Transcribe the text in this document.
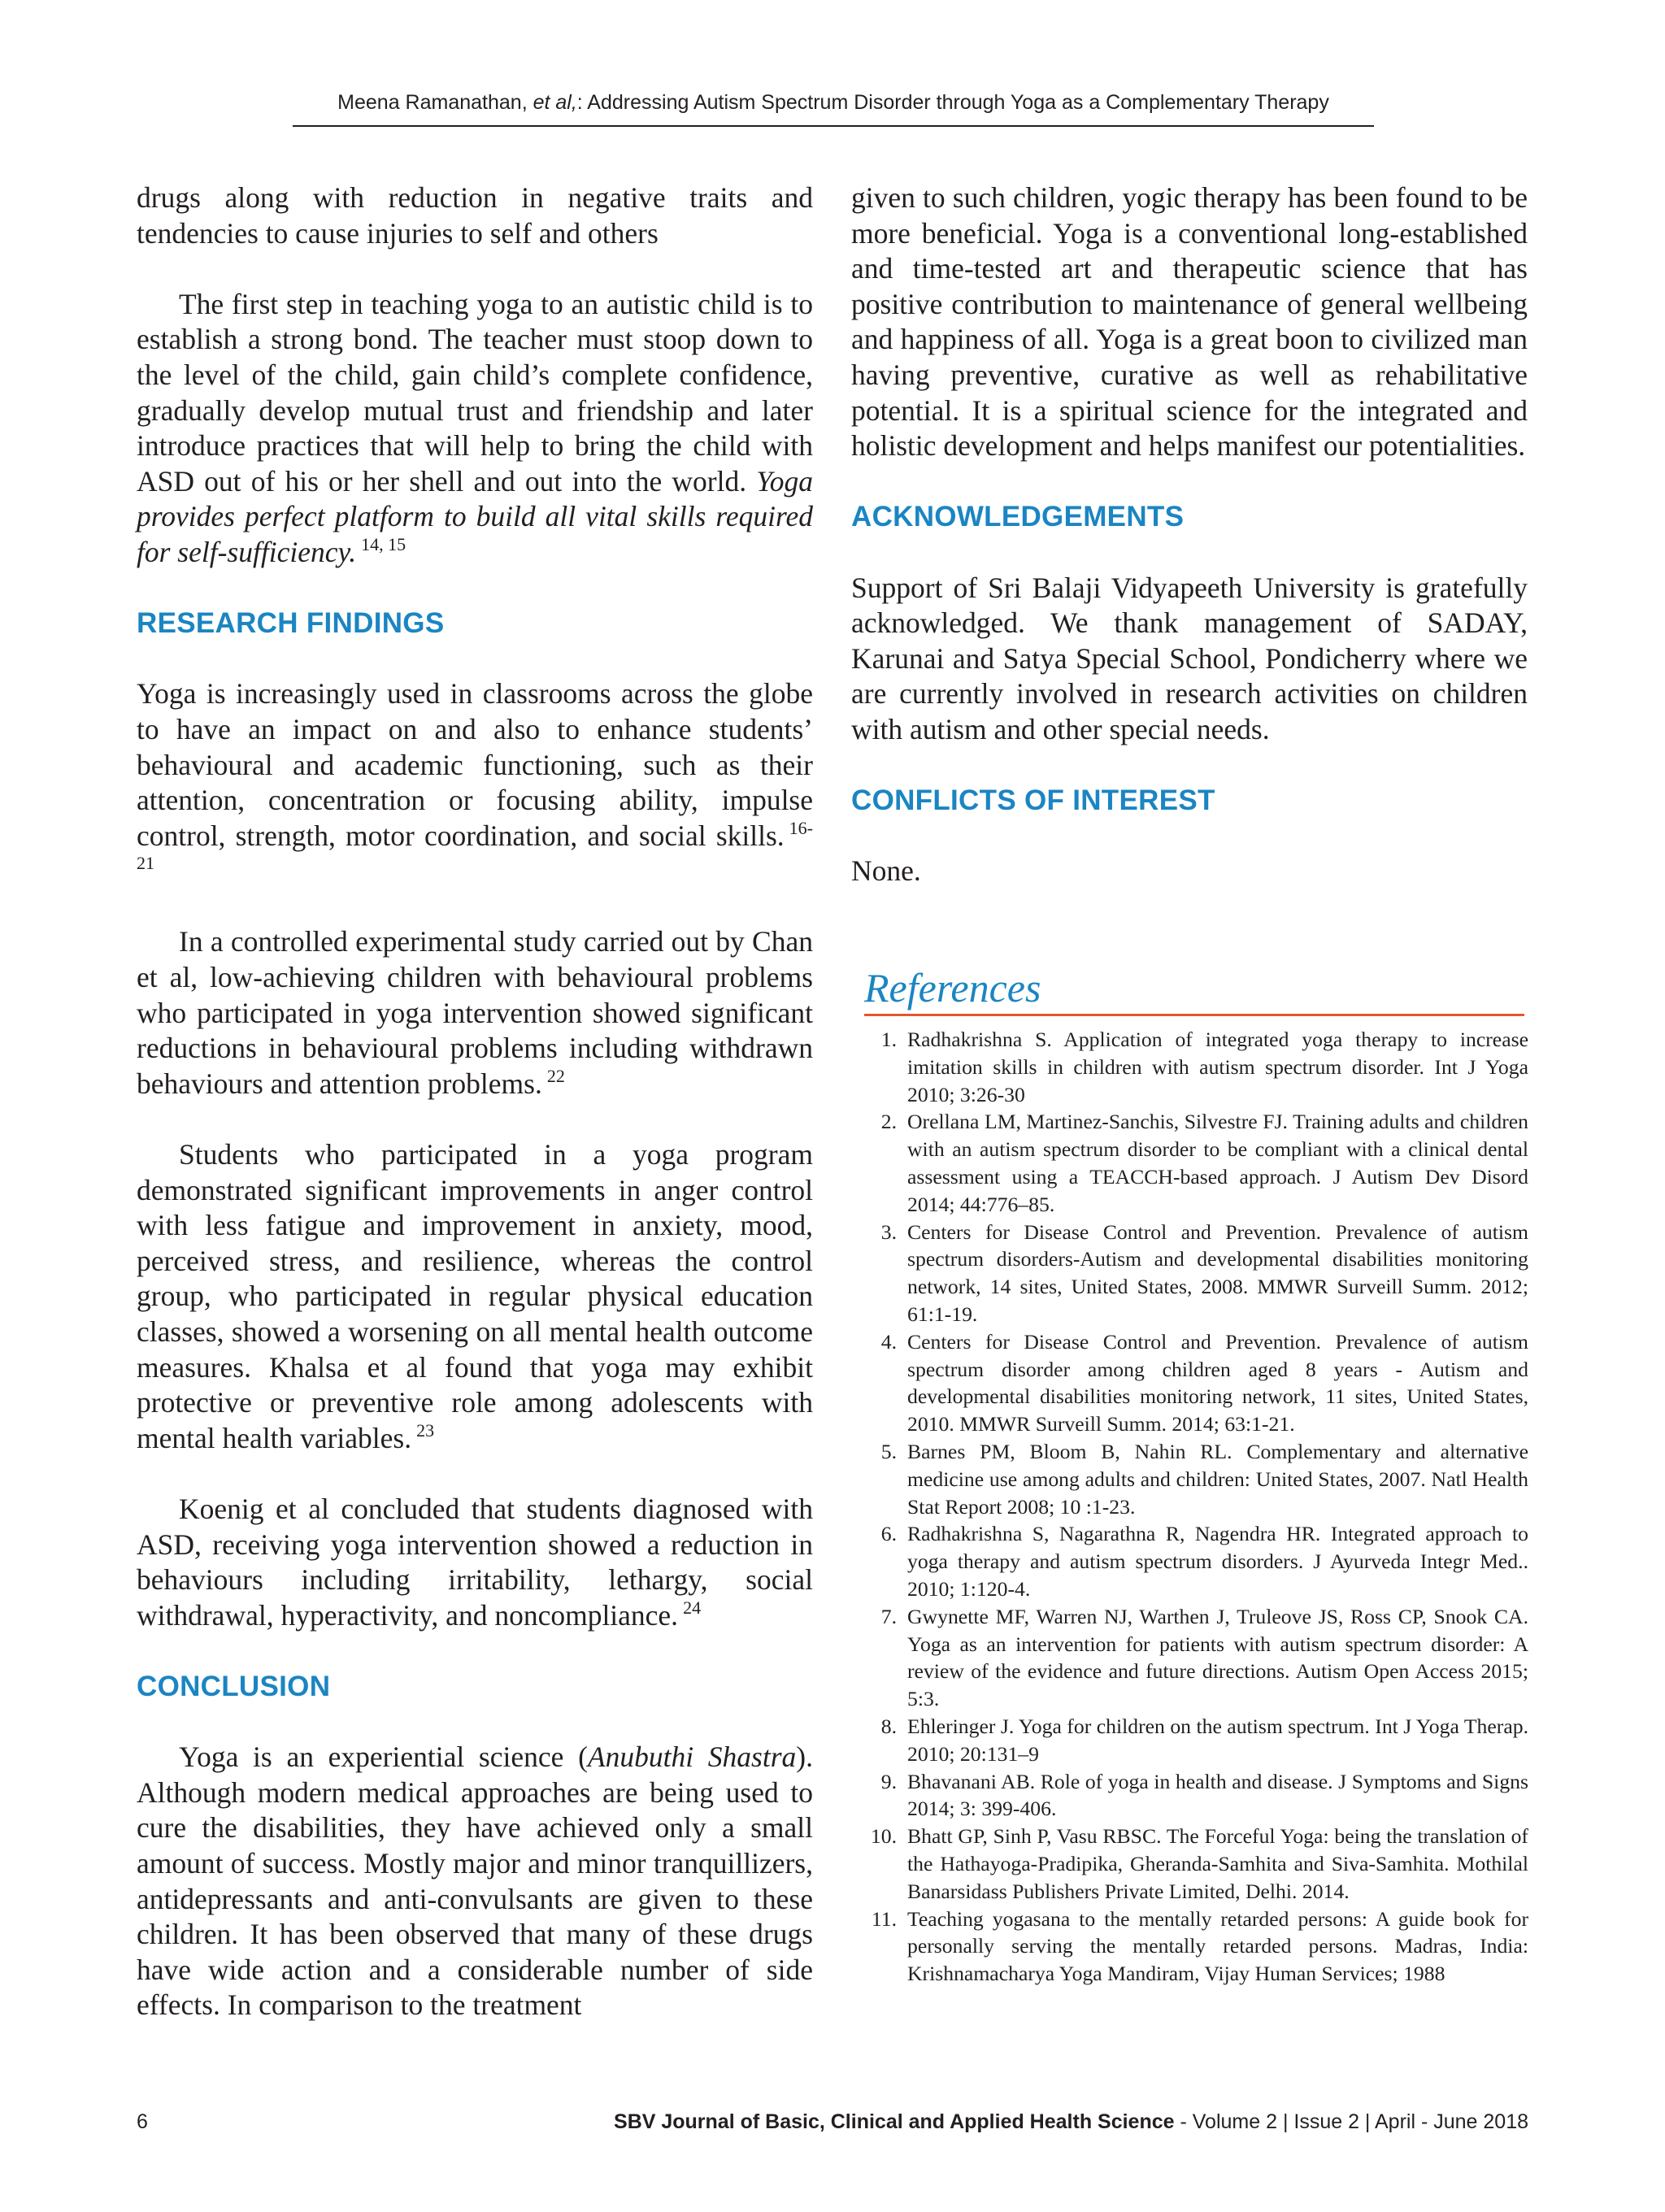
Meena Ramanathan, et al,: Addressing Autism Spectrum Disorder through Yoga as a Complementary Therapy

drugs along with reduction in negative traits and tendencies to cause injuries to self and others

The first step in teaching yoga to an autistic child is to establish a strong bond. The teacher must stoop down to the level of the child, gain child’s complete confidence, gradually develop mutual trust and friendship and later introduce practices that will help to bring the child with ASD out of his or her shell and out into the world. Yoga provides perfect platform to build all vital skills required for self-sufficiency. $^{14, 15}$

RESEARCH FINDINGS

Yoga is increasingly used in classrooms across the globe to have an impact on and also to enhance students’ behavioural and academic functioning, such as their attention, concentration or focusing ability, impulse control, strength, motor coordination, and social skills. $^{16-21}$

In a controlled experimental study carried out by Chan et al, low-achieving children with behavioural problems who participated in yoga intervention showed significant reductions in behavioural problems including withdrawn behaviours and attention problems. $^{22}$

Students who participated in a yoga program demonstrated significant improvements in anger control with less fatigue and improvement in anxiety, mood, perceived stress, and resilience, whereas the control group, who participated in regular physical education classes, showed a worsening on all mental health outcome measures. Khalsa et al found that yoga may exhibit protective or preventive role among adolescents with mental health variables. $^{23}$

Koenig et al concluded that students diagnosed with ASD, receiving yoga intervention showed a reduction in behaviours including irritability, lethargy, social withdrawal, hyperactivity, and noncompliance. $^{24}$

CONCLUSION

Yoga is an experiential science (Anubuthi Shastra). Although modern medical approaches are being used to cure the disabilities, they have achieved only a small amount of success. Mostly major and minor tranquillizers, antidepressants and anti-convulsants are given to these children. It has been observed that many of these drugs have wide action and a considerable number of side effects. In comparison to the treatment

given to such children, yogic therapy has been found to be more beneficial. Yoga is a conventional long-established and time-tested art and therapeutic science that has positive contribution to maintenance of general wellbeing and happiness of all. Yoga is a great boon to civilized man having preventive, curative as well as rehabilitative potential. It is a spiritual science for the integrated and holistic development and helps manifest our potentialities.

ACKNOWLEDGEMENTS

Support of Sri Balaji Vidyapeeth University is gratefully acknowledged. We thank management of SADAY, Karunai and Satya Special School, Pondicherry where we are currently involved in research activities on children with autism and other special needs.

CONFLICTS OF INTEREST

None.

References
1. Radhakrishna S. Application of integrated yoga therapy to increase imitation skills in children with autism spectrum disorder. Int J Yoga 2010; 3:26-30
2. Orellana LM, Martinez-Sanchis, Silvestre FJ. Training adults and children with an autism spectrum disorder to be compliant with a clinical dental assessment using a TEACCH-based approach. J Autism Dev Disord 2014; 44:776–85.
3. Centers for Disease Control and Prevention. Prevalence of autism spectrum disorders-Autism and developmental disabilities monitoring network, 14 sites, United States, 2008. MMWR Surveill Summ. 2012; 61:1-19.
4. Centers for Disease Control and Prevention. Prevalence of autism spectrum disorder among children aged 8 years - Autism and developmental disabilities monitoring network, 11 sites, United States, 2010. MMWR Surveill Summ. 2014; 63:1-21.
5. Barnes PM, Bloom B, Nahin RL. Complementary and alternative medicine use among adults and children: United States, 2007. Natl Health Stat Report 2008; 10 :1-23.
6. Radhakrishna S, Nagarathna R, Nagendra HR. Integrated approach to yoga therapy and autism spectrum disorders. J Ayurveda Integr Med.. 2010; 1:120-4.
7. Gwynette MF, Warren NJ, Warthen J, Truleove JS, Ross CP, Snook CA. Yoga as an intervention for patients with autism spectrum disorder: A review of the evidence and future directions. Autism Open Access 2015; 5:3.
8. Ehleringer J. Yoga for children on the autism spectrum. Int J Yoga Therap. 2010; 20:131–9
9. Bhavanani AB. Role of yoga in health and disease. J Symptoms and Signs 2014; 3: 399-406.
10. Bhatt GP, Sinh P, Vasu RBSC. The Forceful Yoga: being the translation of the Hathayoga-Pradipika, Gheranda-Samhita and Siva-Samhita. Mothilal Banarsidass Publishers Private Limited, Delhi. 2014.
11. Teaching yogasana to the mentally retarded persons: A guide book for personally serving the mentally retarded persons. Madras, India: Krishnamacharya Yoga Mandiram, Vijay Human Services; 1988
6	SBV Journal of Basic, Clinical and Applied Health Science - Volume 2 | Issue 2 | April - June 2018
